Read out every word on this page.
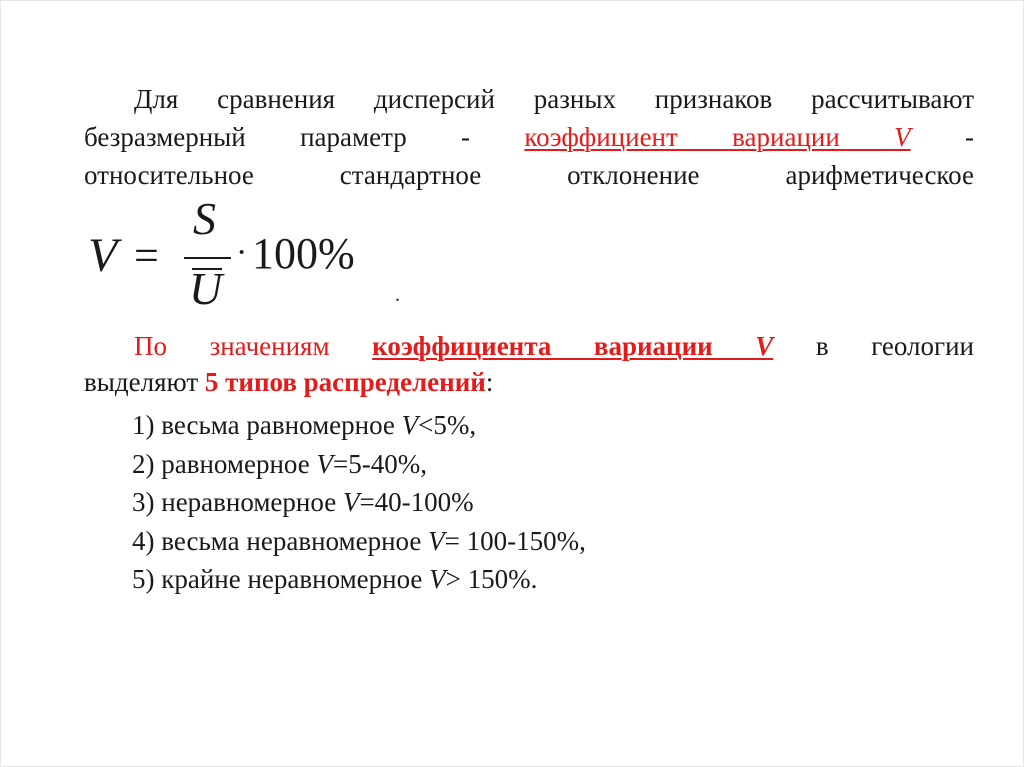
Для сравнения дисперсий разных признаков рассчитывают
безразмерный параметр - коэффициент вариации V -
относительное стандартное отклонение арифметическое
V =
S
U
· 100%
.
По значениям коэффициента вариации V в геологии
выделяют 5 типов распределений:
1) весьма равномерное V<5%,
2) равномерное V=5-40%,
3) неравномерное V=40-100%
4) весьма неравномерное V= 100-150%,
5) крайне неравномерное V> 150%.
